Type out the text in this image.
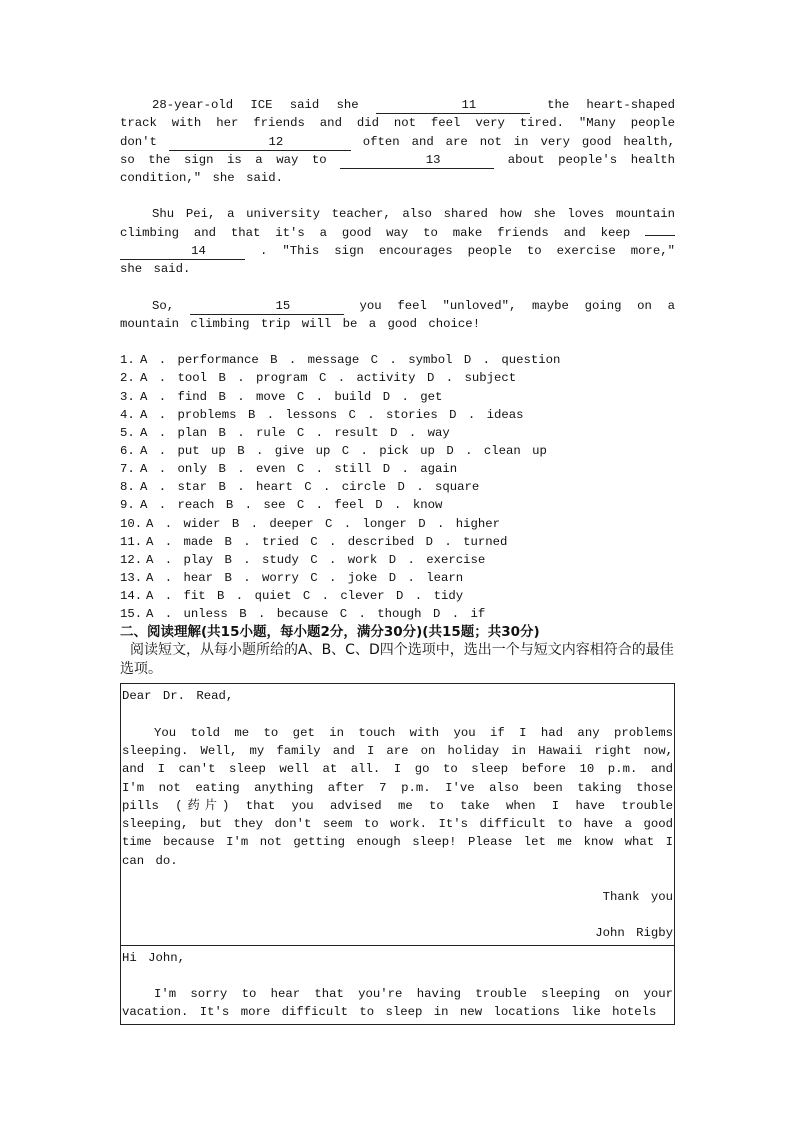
28-year-old ICE said she	11	the heart-shaped track with her friends and did not feel very tired. "Many people don't	12	often and are not in very good health, so the sign is a way to	13	about people's health condition," she said.

Shu Pei, a university teacher, also shared how she loves mountain climbing and that it's a good way to make friends and keep  14	. "This sign encourages people to exercise more," she said.

So,	15	you feel "unloved", maybe going on a mountain climbing trip will be a good choice!

1. A . performance B . message C . symbol D . question
2. A . tool B . program C . activity D . subject
3. A . find B . move C . build D . get
4. A . problems B . lessons C . stories D . ideas
5. A . plan B . rule C . result D . way
6. A . put up B . give up C . pick up D . clean up
7. A . only B . even C . still D . again
8. A . star B . heart C . circle D . square
9. A . reach B . see C . feel D . know
10. A . wider B . deeper C . longer D . higher
11. A . made B . tried C . described D . turned
12. A . play B . study C . work D . exercise
13. A . hear B . worry C . joke D . learn
14. A . fit B . quiet C . clever D . tidy
15. A . unless B . because C . though D . if
二、阅读理解(共15小题，每小题2分，满分30分)(共15题；共30分)

阅读短文，从每小题所给的A、B、C、D四个选项中，选出一个与短文内容相符合的最佳选项。

Dear Dr. Read,

You told me to get in touch with you if I had any problems sleeping. Well, my family and I are on holiday in Hawaii right now, and I can't sleep well at all. I go to sleep before 10 p.m. and I'm not eating anything after 7 p.m. I've also been taking those pills (药片) that you advised me to take when I have trouble sleeping, but they don't seem to work. It's difficult to have a good time because I'm not getting enough sleep! Please let me know what I can do.

Thank you
John Rigby
Hi John,

I'm sorry to hear that you're having trouble sleeping on your vacation. It's more difficult to sleep in new locations like hotels
